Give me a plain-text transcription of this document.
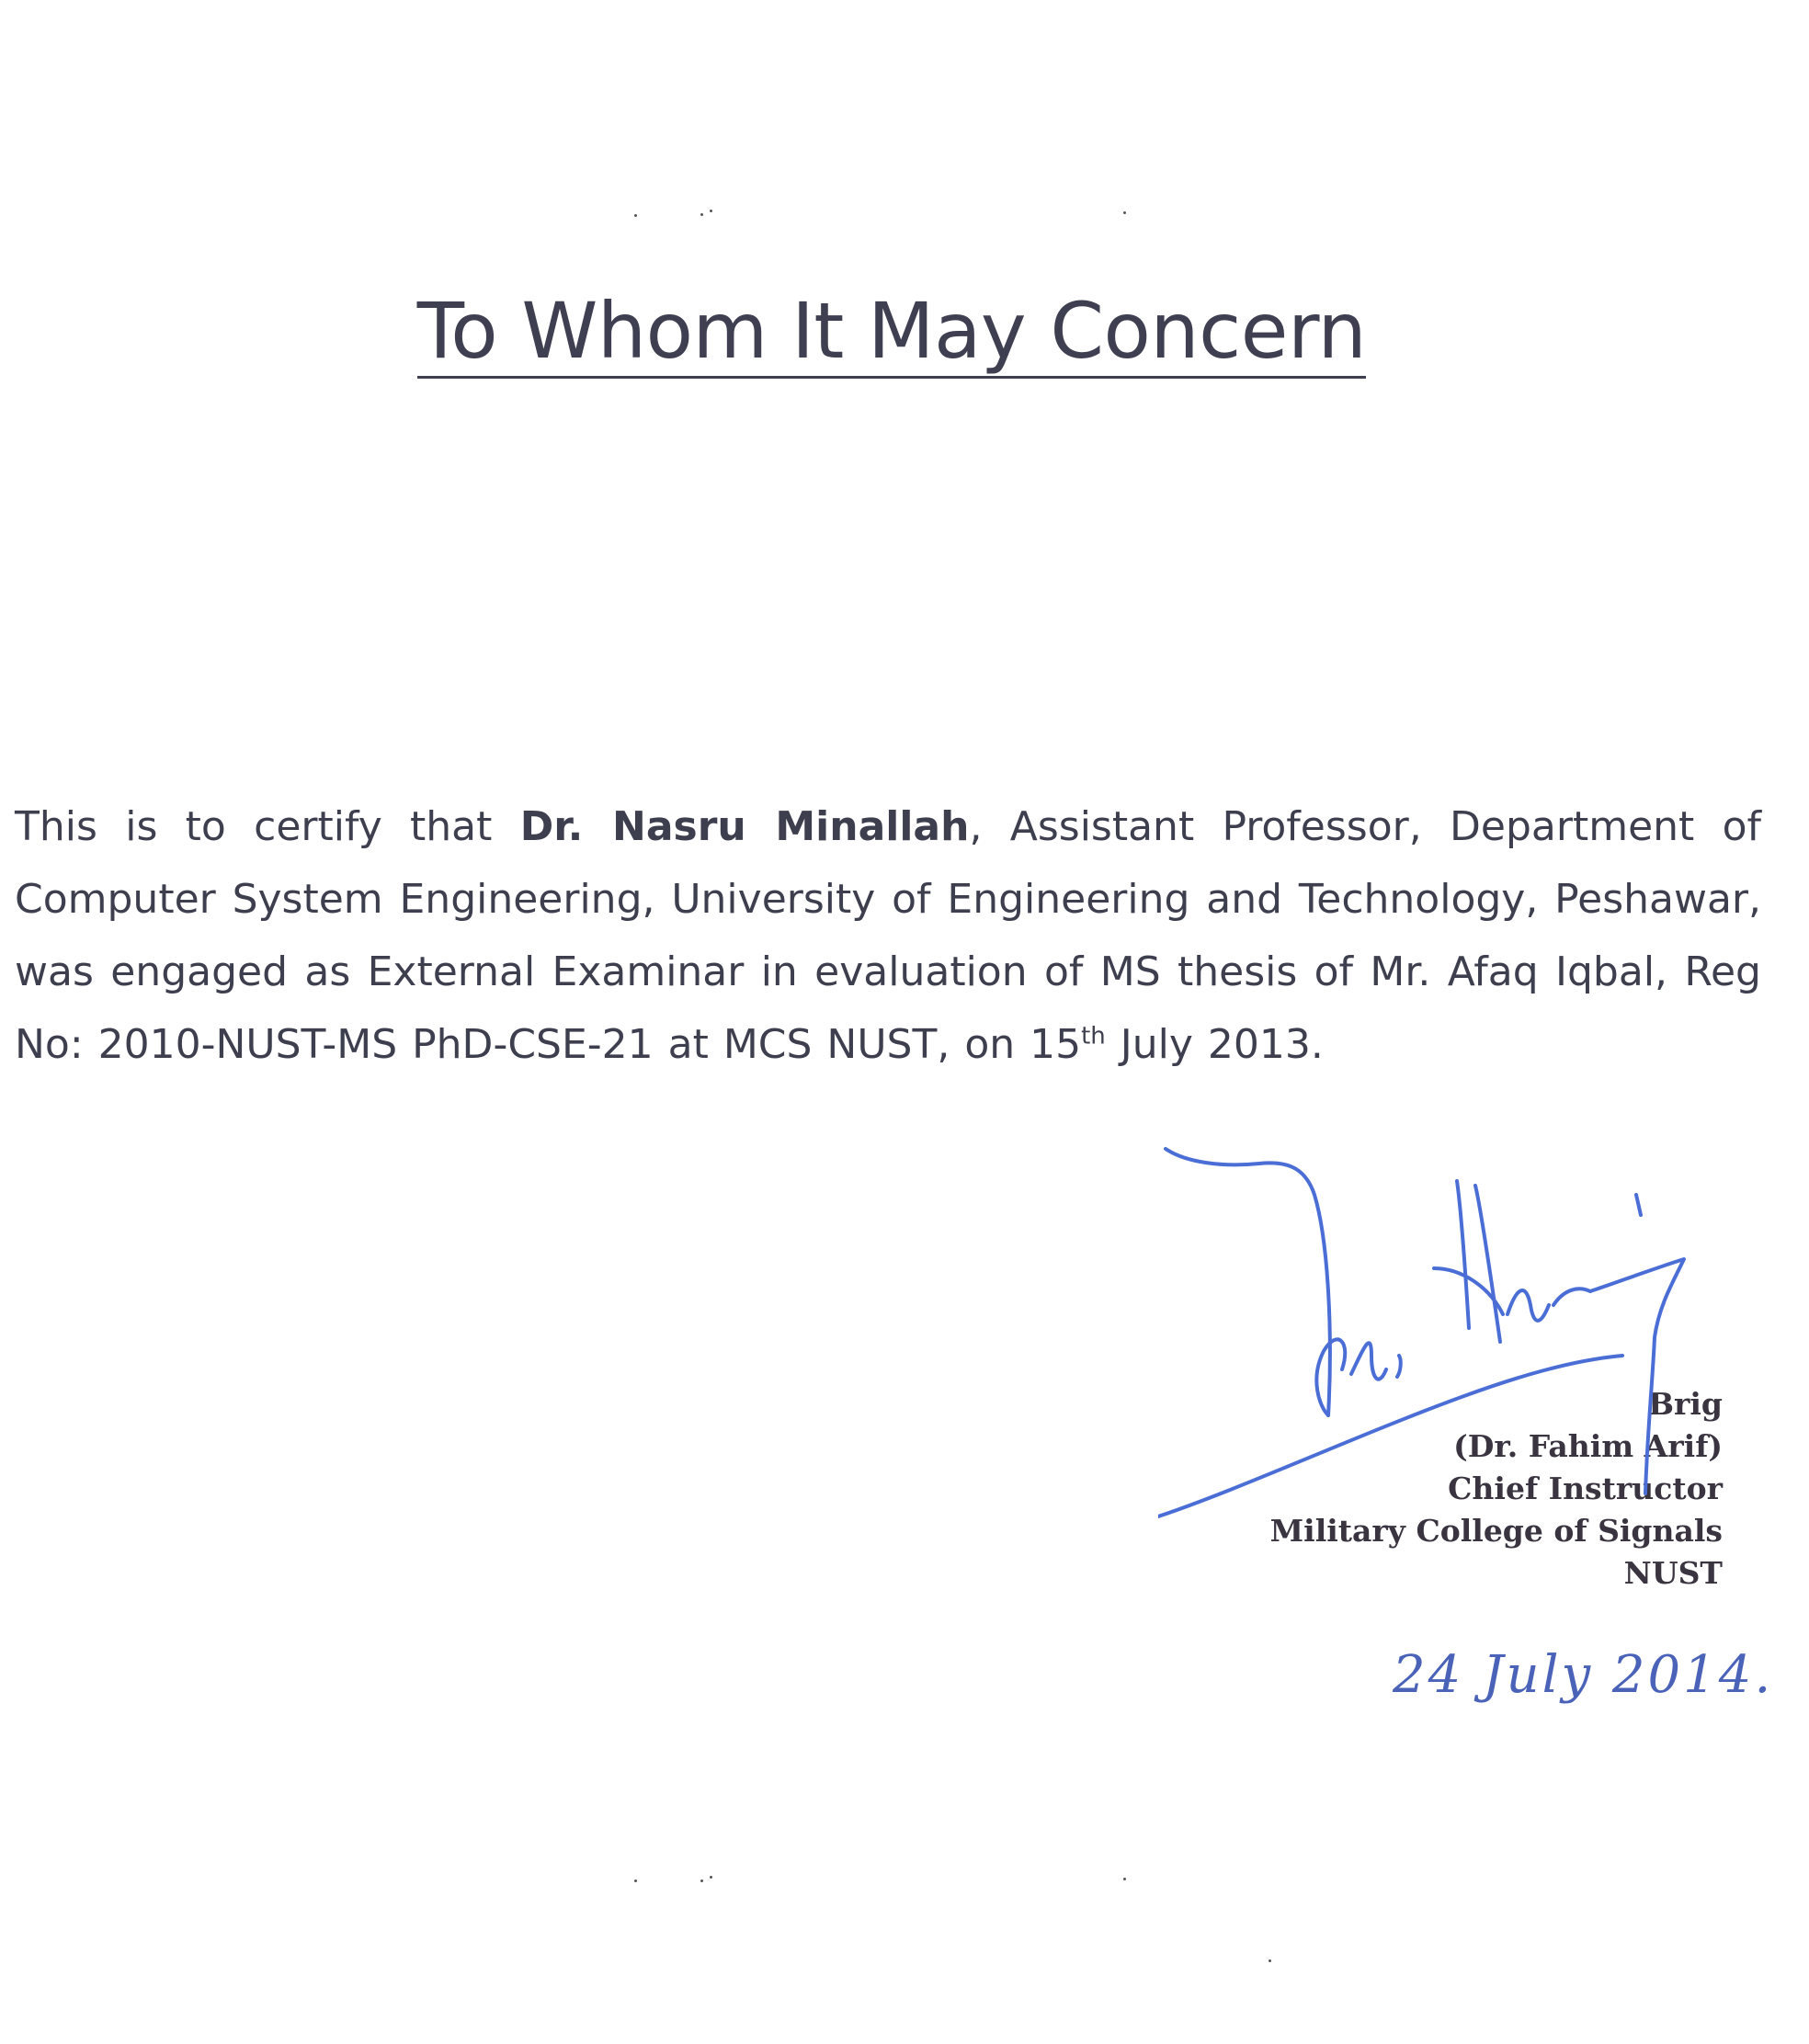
To Whom It May Concern
This is to certify that Dr. Nasru Minallah, Assistant Professor, Department of Computer System Engineering, University of Engineering and Technology, Peshawar, was engaged as External Examinar in evaluation of MS thesis of Mr. Afaq Iqbal, Reg No: 2010-NUST-MS PhD-CSE-21 at MCS NUST, on 15th July 2013.
Brig
(Dr. Fahim Arif)
Chief Instructor
Military College of Signals
NUST
24 July 2014.
